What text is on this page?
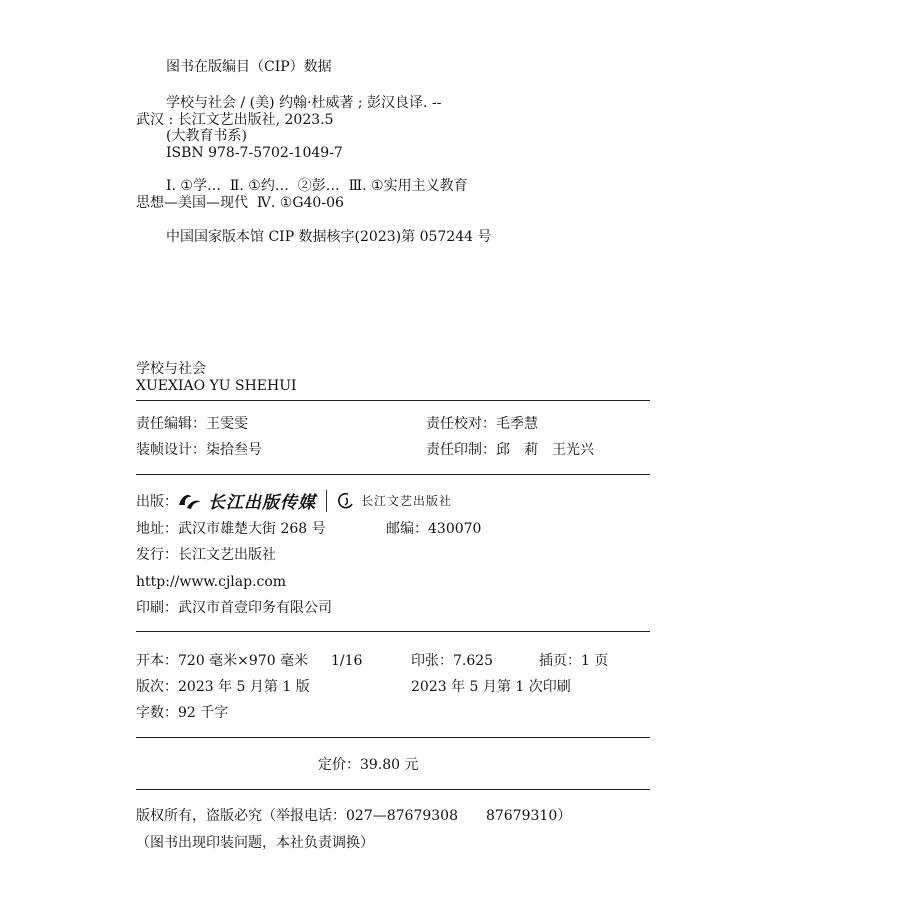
图书在版编目（CIP）数据
学校与社会 / (美) 约翰·杜威著 ; 彭汉良译. --
武汉 : 长江文艺出版社, 2023.5
(大教育书系)
ISBN 978-7-5702-1049-7
Ⅰ. ①学…  Ⅱ. ①约…  ②彭…  Ⅲ. ①实用主义教育
思想—美国—现代  Ⅳ. ①G40-06
中国国家版本馆 CIP 数据核字(2023)第 057244 号
学校与社会
XUEXIAO YU SHEHUI
责任编辑：王雯雯	责任校对：毛季慧
装帧设计：柒拾叁号	责任印制：邱　莉　王光兴
出版： 长江出版传媒	长江文艺出版社
地址：武汉市雄楚大街 268 号	邮编：430070
发行：长江文艺出版社
http://www.cjlap.com
印刷：武汉市首壹印务有限公司
开本：720 毫米×970 毫米 1/16	印张：7.625	插页：1 页
版次：2023 年 5 月第 1 版	2023 年 5 月第 1 次印刷
字数：92 千字
定价：39.80 元
版权所有，盗版必究（举报电话：027—87679308　　87679310）
（图书出现印装问题，本社负责调换）
